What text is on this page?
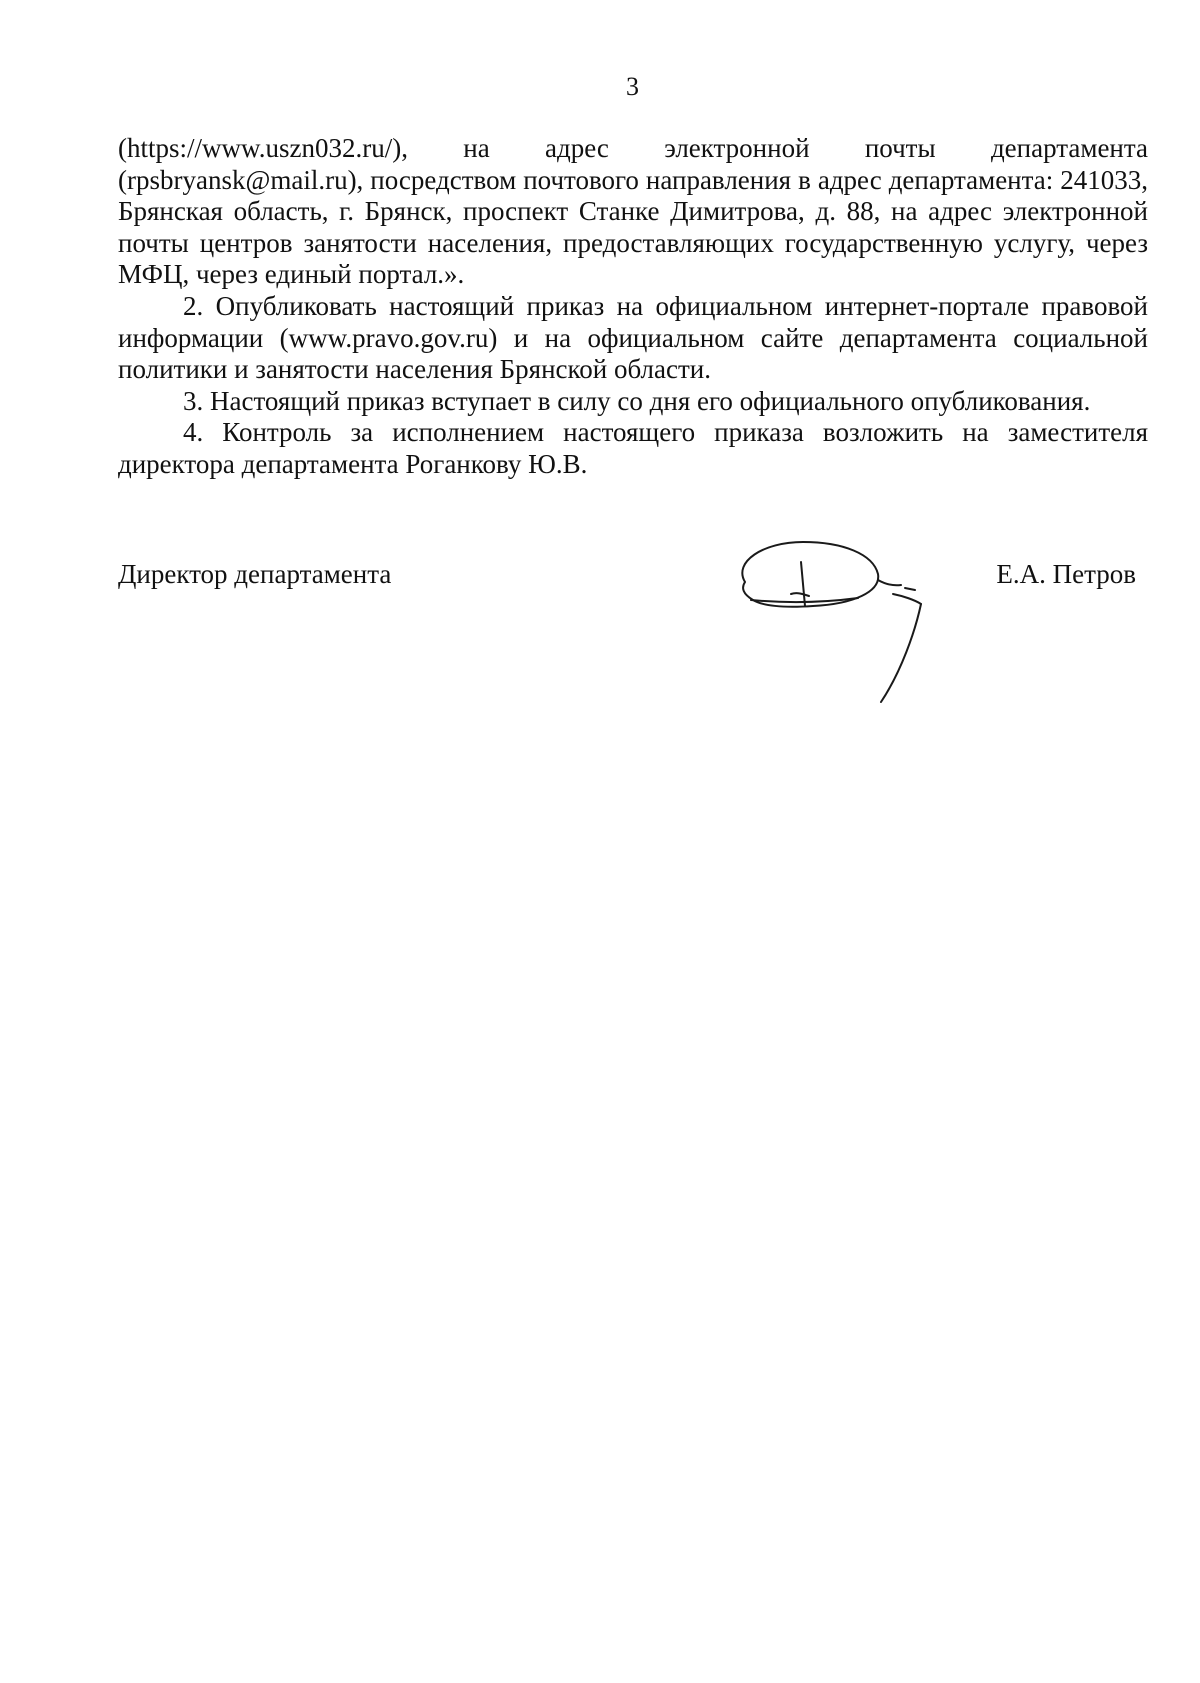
3

(https://www.uszn032.ru/), на адрес электронной почты департамента (rpsbryansk@mail.ru), посредством почтового направления в адрес департамента: 241033, Брянская область, г. Брянск, проспект Станке Димитрова, д. 88, на адрес электронной почты центров занятости населения, предоставляющих государственную услугу, через МФЦ, через единый портал.».

2. Опубликовать настоящий приказ на официальном интернет-портале правовой информации (www.pravo.gov.ru) и на официальном сайте департамента социальной политики и занятости населения Брянской области.

3. Настоящий приказ вступает в силу со дня его официального опубликования.

4. Контроль за исполнением настоящего приказа возложить на заместителя директора департамента Роганкову Ю.В.

Директор департамента	Е.А. Петров
